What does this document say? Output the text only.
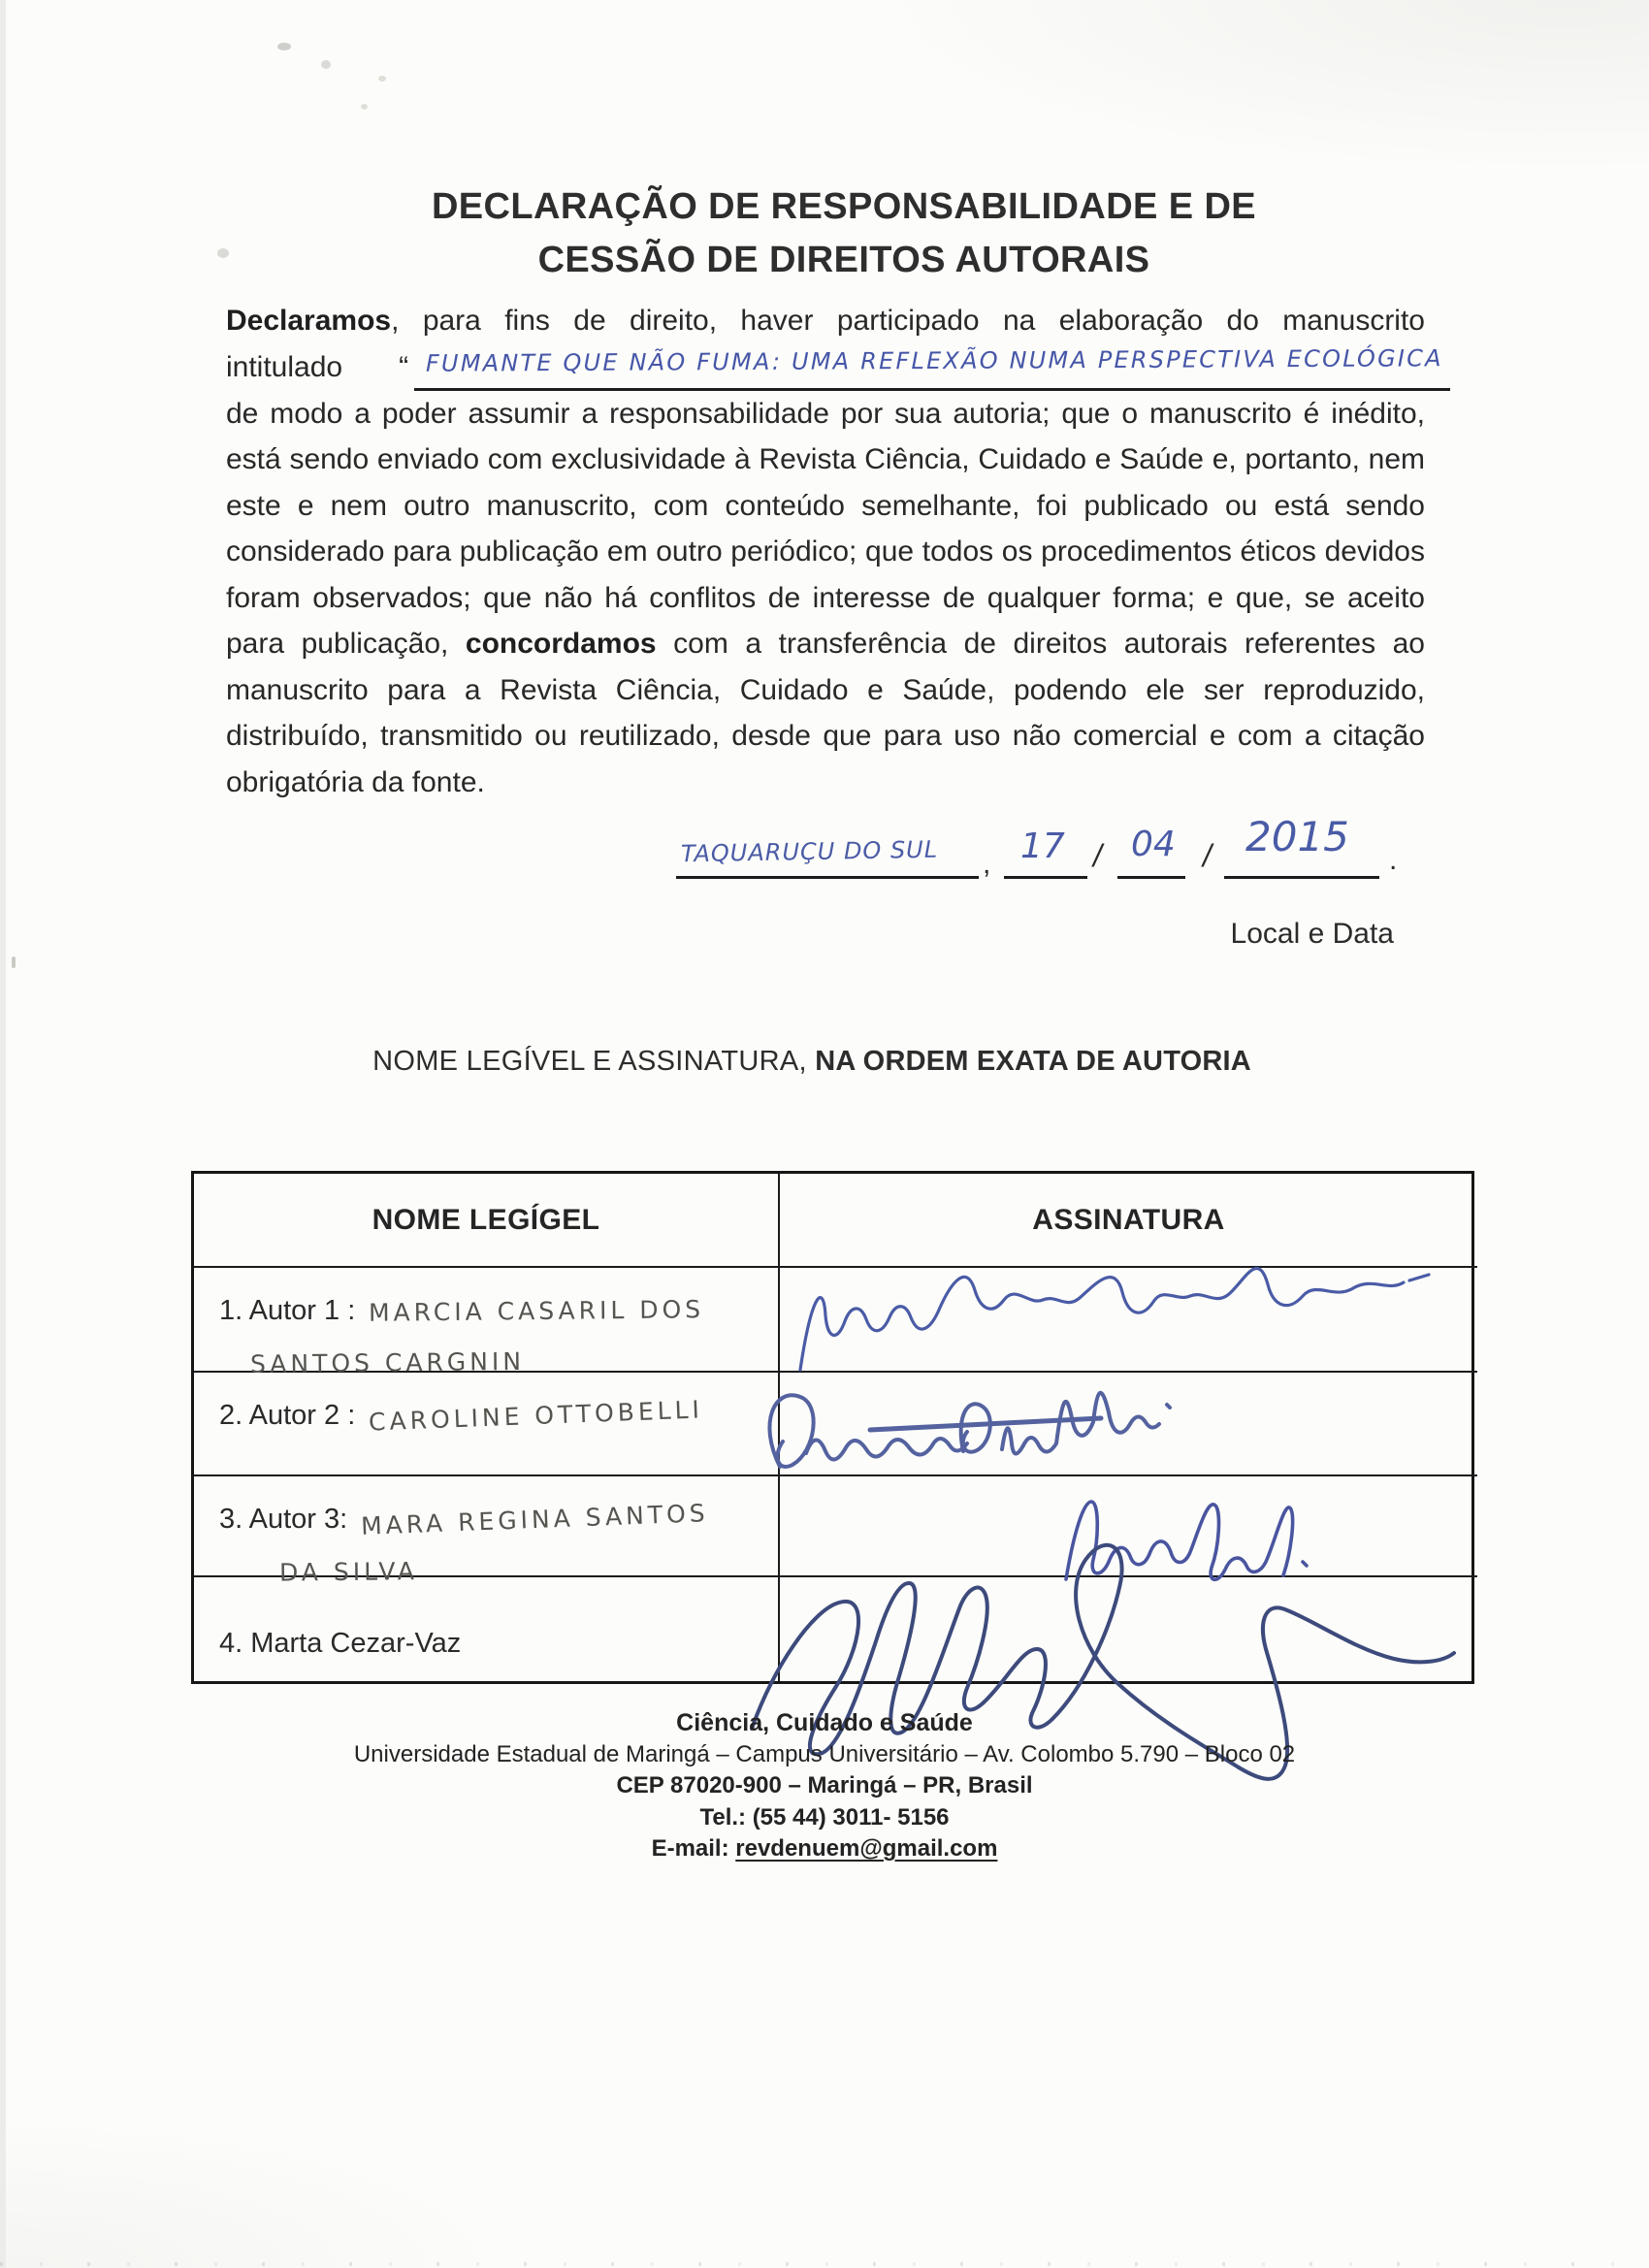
DECLARAÇÃO DE RESPONSABILIDADE E DE
CESSÃO DE DIREITOS AUTORAIS
Declaramos, para fins de direito, haver participado na elaboração do manuscrito
intitulado “ FUMANTE QUE NÃO FUMA: UMA REFLEXÃO NUMA PERSPECTIVA ECOLÓGICA
de modo a poder assumir a responsabilidade por sua autoria; que o manuscrito é inédito, está sendo enviado com exclusividade à Revista Ciência, Cuidado e Saúde e, portanto, nem este e nem outro manuscrito, com conteúdo semelhante, foi publicado ou está sendo considerado para publicação em outro periódico; que todos os procedimentos éticos devidos foram observados; que não há conflitos de interesse de qualquer forma; e que, se aceito para publicação, concordamos com a transferência de direitos autorais referentes ao manuscrito para a Revista Ciência, Cuidado e Saúde, podendo ele ser reproduzido, distribuído, transmitido ou reutilizado, desde que para uso não comercial e com a citação obrigatória da fonte.
TAQUARUÇU DO SUL , 17 / 04 / 2015 .
Local e Data
NOME LEGÍVEL E ASSINATURA, NA ORDEM EXATA DE AUTORIA
NOME LEGÍGEL	ASSINATURA
1. Autor 1 : MARCIA CASARIL DOS
SANTOS CARGNIN
2. Autor 2 : CAROLINE OTTOBELLI
3. Autor 3: MARA REGINA SANTOS
DA SILVA
4. Marta Cezar-Vaz
Ciência, Cuidado e Saúde
Universidade Estadual de Maringá – Campus Universitário – Av. Colombo 5.790 – Bloco 02
CEP 87020-900 – Maringá – PR, Brasil
Tel.: (55 44) 3011- 5156
E-mail: revdenuem@gmail.com
